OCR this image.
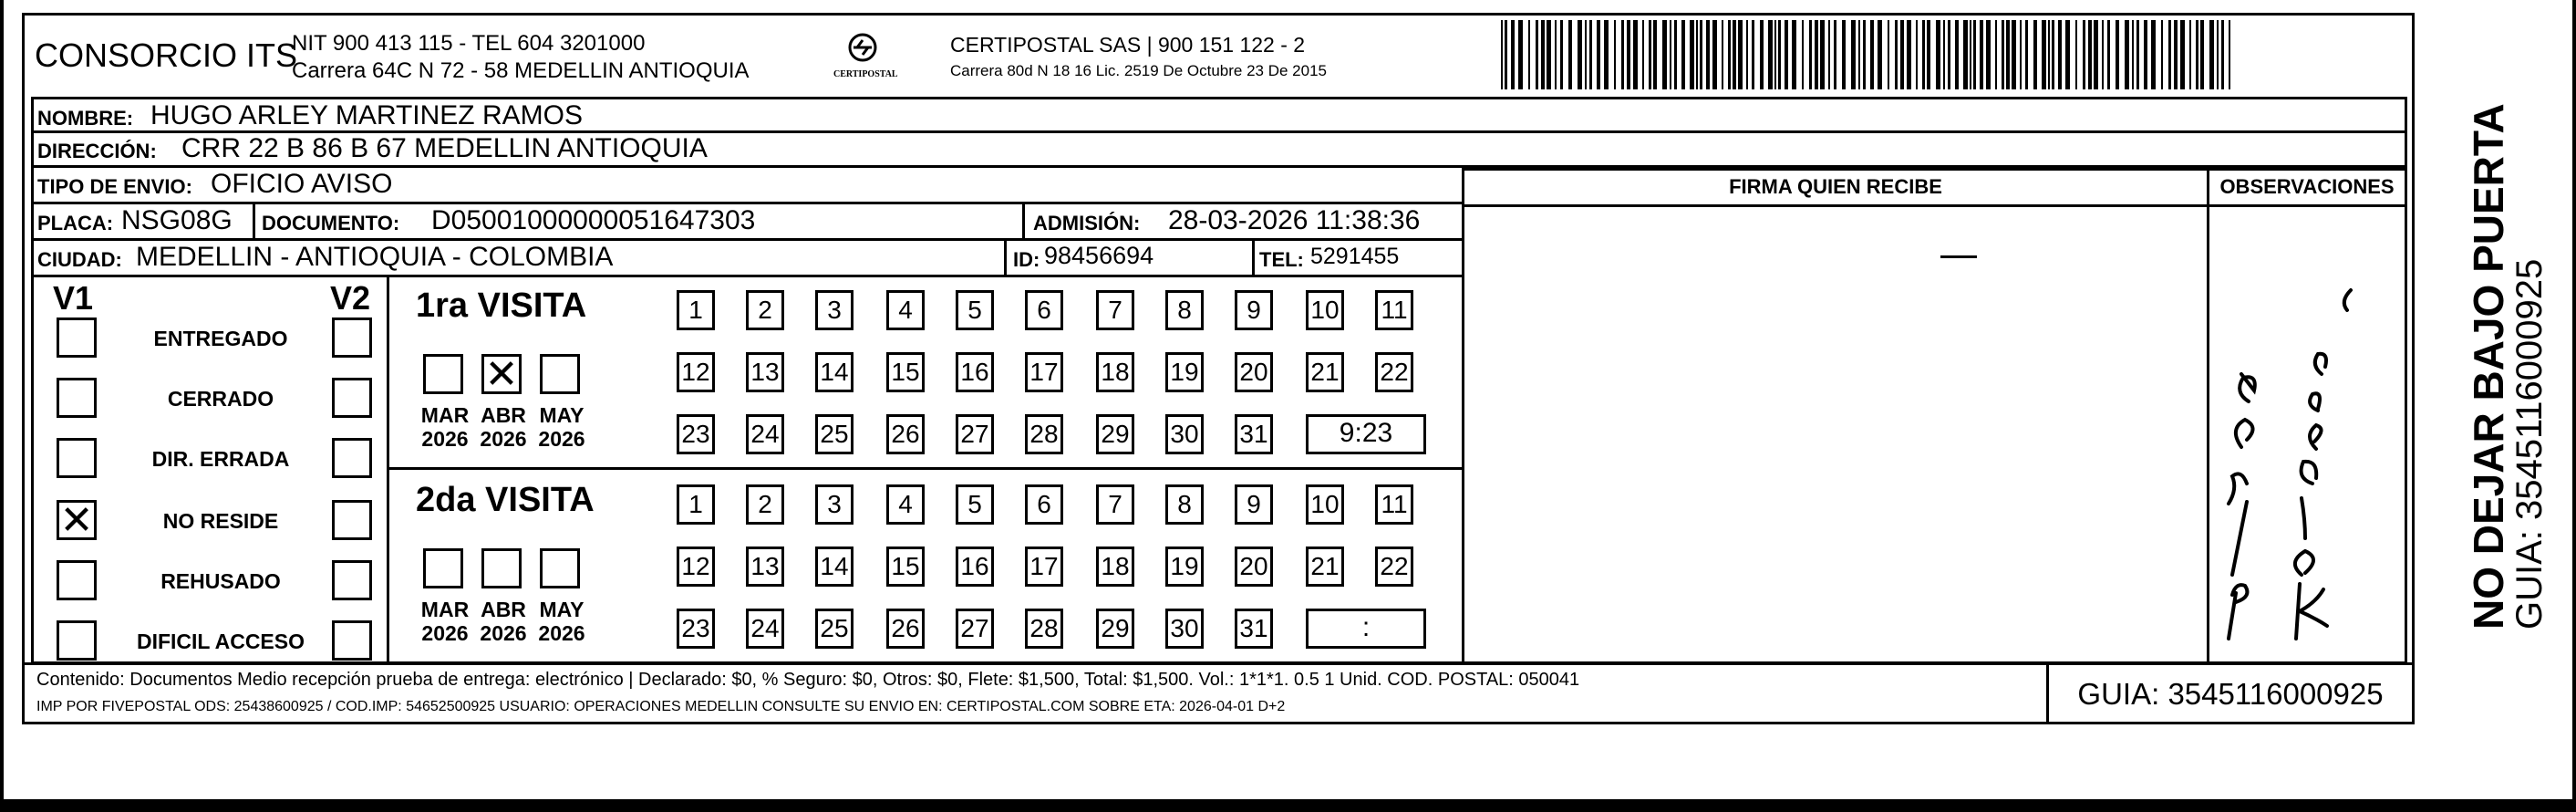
CONSORCIO ITS
NIT 900 413 115 - TEL 604 3201000
Carrera 64C N 72 - 58 MEDELLIN ANTIOQUIA	CERTIPOSTAL
CERTIPOSTAL SAS | 900 151 122 - 2
Carrera 80d N 18 16 Lic. 2519 De Octubre 23 De 2015
NOMBRE: HUGO ARLEY MARTINEZ RAMOS
DIRECCIÓN: CRR 22 B 86 B 67 MEDELLIN ANTIOQUIA
TIPO DE ENVIO: OFICIO AVISO
PLACA: NSG08G DOCUMENTO: D05001000000051647303	ADMISIÓN: 28-03-2026 11:38:36
CIUDAD: MEDELLIN - ANTIOQUIA - COLOMBIA	ID: 98456694	TEL: 5291455
FIRMA QUIEN RECIBE	OBSERVACIONES	NO DEJAR BAJO PUERTA
GUIA: 3545116000925
V1	V2
ENTREGADO
CERRADO
DIR. ERRADA
✕
NO RESIDE
REHUSADO
DIFICIL ACCESO
1ra VISITA
MAR
2026
✕
ABR
2026
MAY
2026
1	2	3	4	5	6	7	8	9	10 11
12 13 14 15 16 17 18 19 20 21 22
23 24 25 26 27 28 29 30 31	9:23
2da VISITA
MAR
2026
ABR
2026
MAY
2026
1	2	3	4	5	6	7	8	9	10 11
12 13 14 15 16 17 18 19 20 21 22
23 24 25 26 27 28 29 30 31	:
Contenido: Documentos Medio recepción prueba de entrega: electrónico | Declarado: $0, % Seguro: $0, Otros: $0, Flete: $1,500, Total: $1,500. Vol.: 1*1*1. 0.5 1 Unid. COD. POSTAL: 050041
IMP POR FIVEPOSTAL ODS: 25438600925 / COD.IMP: 54652500925 USUARIO: OPERACIONES MEDELLIN CONSULTE SU ENVIO EN: CERTIPOSTAL.COM SOBRE ETA: 2026-04-01 D+2	GUIA: 3545116000925
